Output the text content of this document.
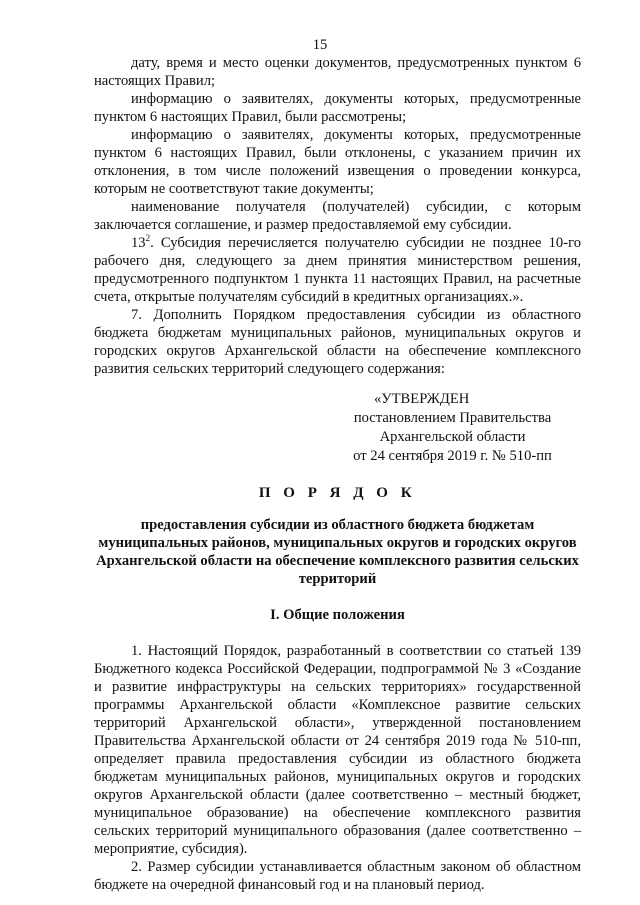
15

дату, время и место оценки документов, предусмотренных пунктом 6 настоящих Правил;

информацию о заявителях, документы которых, предусмотренные пунктом 6 настоящих Правил, были рассмотрены;

информацию о заявителях, документы которых, предусмотренные пунктом 6 настоящих Правил, были отклонены, с указанием причин их отклонения, в том числе положений извещения о проведении конкурса, которым не соответствуют такие документы;

наименование получателя (получателей) субсидии, с которым заключается соглашение, и размер предоставляемой ему субсидии.

$13^2$. Субсидия перечисляется получателю субсидии не позднее 10-го рабочего дня, следующего за днем принятия министерством решения, предусмотренного подпунктом 1 пункта 11 настоящих Правил, на расчетные счета, открытые получателям субсидий в кредитных организациях.».

7. Дополнить Порядком предоставления субсидии из областного бюджета бюджетам муниципальных районов, муниципальных округов и городских округов Архангельской области на обеспечение комплексного развития сельских территорий следующего содержания:

«УТВЕРЖДЕН
постановлением Правительства
Архангельской области
от 24 сентября 2019 г. № 510-пп
П О Р Я Д О К
предоставления субсидии из областного бюджета бюджетам муниципальных районов, муниципальных округов и городских округов Архангельской области на обеспечение комплексного развития сельских территорий
I. Общие положения

1. Настоящий Порядок, разработанный в соответствии со статьей 139 Бюджетного кодекса Российской Федерации, подпрограммой № 3 «Создание и развитие инфраструктуры на сельских территориях» государственной программы Архангельской области «Комплексное развитие сельских территорий Архангельской области», утвержденной постановлением Правительства Архангельской области от 24 сентября 2019 года № 510-пп, определяет правила предоставления субсидии из областного бюджета бюджетам муниципальных районов, муниципальных округов и городских округов Архангельской области (далее соответственно – местный бюджет, муниципальное образование) на обеспечение комплексного развития сельских территорий муниципального образования (далее соответственно – мероприятие, субсидия).

2. Размер субсидии устанавливается областным законом об областном бюджете на очередной финансовый год и на плановый период.
